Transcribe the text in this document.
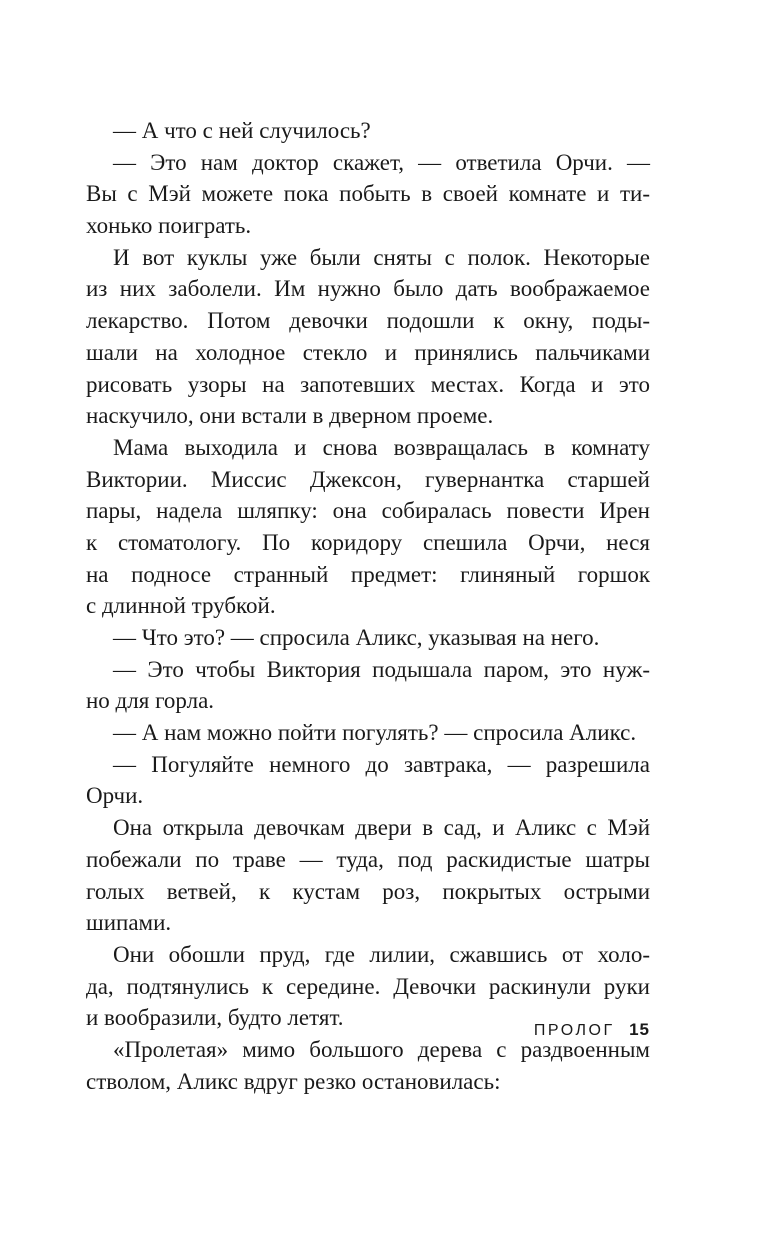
— А что с ней случилось?
— Это нам доктор скажет, — ответила Орчи. —
Вы с Мэй можете пока побыть в своей комнате и ти-
хонько поиграть.
И вот куклы уже были сняты с полок. Некоторые
из них заболели. Им нужно было дать воображаемое
лекарство. Потом девочки подошли к окну, поды-
шали на холодное стекло и принялись пальчиками
рисовать узоры на запотевших местах. Когда и это
наскучило, они встали в дверном проеме.
Мама выходила и снова возвращалась в комнату
Виктории. Миссис Джексон, гувернантка старшей
пары, надела шляпку: она собиралась повести Ирен
к стоматологу. По коридору спешила Орчи, неся
на подносе странный предмет: глиняный горшок
с длинной трубкой.
— Что это? — спросила Аликс, указывая на него.
— Это чтобы Виктория подышала паром, это нуж-
но для горла.
— А нам можно пойти погулять? — спросила Аликс.
— Погуляйте немного до завтрака, — разрешила
Орчи.
Она открыла девочкам двери в сад, и Аликс с Мэй
побежали по траве — туда, под раскидистые шатры
голых ветвей, к кустам роз, покрытых острыми
шипами.
Они обошли пруд, где лилии, сжавшись от холо-
да, подтянулись к середине. Девочки раскинули руки
и вообразили, будто летят.
«Пролетая» мимо большого дерева с раздвоенным
стволом, Аликс вдруг резко остановилась:
ПРОЛОГ 15
